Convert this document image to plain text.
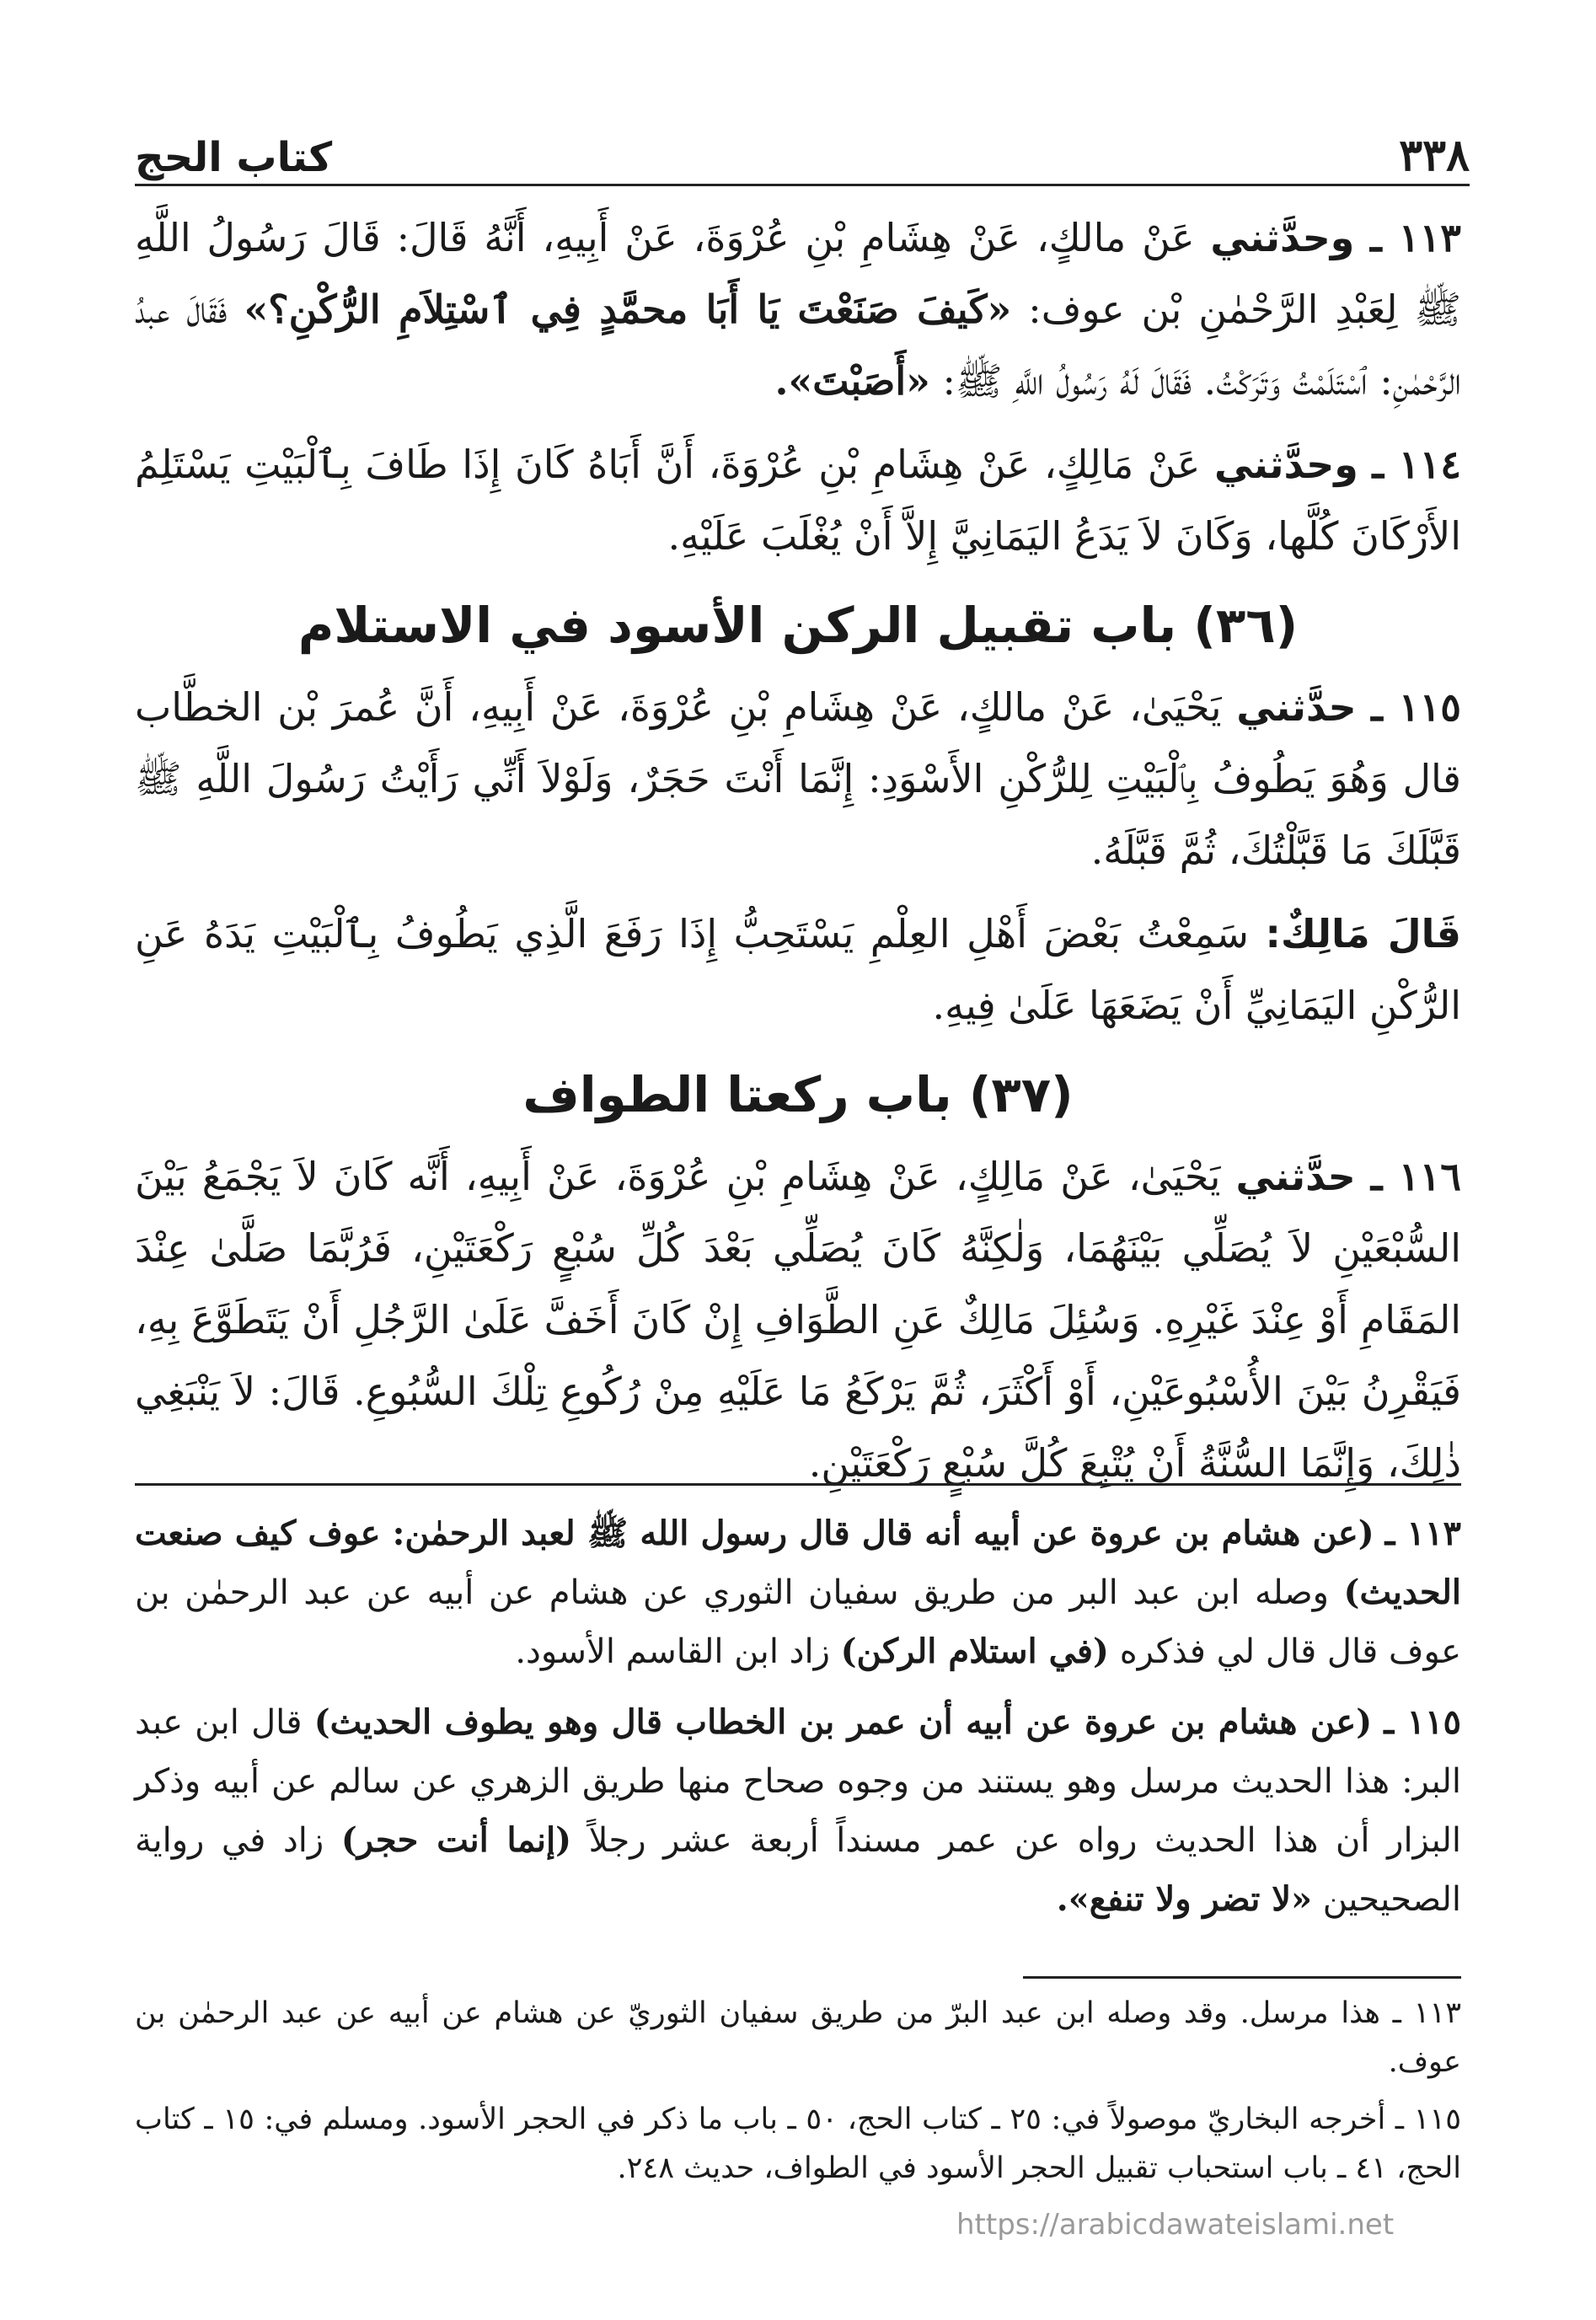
٣٣٨
كتاب الحج

١١٣ ـ وحدَّثني عَنْ مالكٍ، عَنْ هِشَامِ بْنِ عُرْوَةَ، عَنْ أَبِيهِ، أَنَّهُ قَالَ: قَالَ رَسُولُ اللَّهِ ﷺ لِعَبْدِ الرَّحْمٰنِ بْن عوف: «كَيفَ صَنَعْتَ يَا أَبَا محمَّدٍ فِي ٱسْتِلاَمِ الرُّكْنِ؟» فَقَالَ عبدُ الرَّحْمٰنِ: ٱسْتَلَمْتُ وَتَرَكْتُ. فَقَالَ لَهُ رَسُولُ اللَّهِ ﷺ: «أَصَبْتَ».

١١٤ ـ وحدَّثني عَنْ مَالِكٍ، عَنْ هِشَامِ بْنِ عُرْوَةَ، أَنَّ أَبَاهُ كَانَ إِذَا طَافَ بِٱلْبَيْتِ يَسْتَلِمُ الأَرْكَانَ كُلَّها، وَكَانَ لاَ يَدَعُ اليَمَانِيَّ إِلاَّ أَنْ يُغْلَبَ عَلَيْهِ.

(٣٦) باب تقبيل الركن الأسود في الاستلام

١١٥ ـ حدَّثني يَحْيَىٰ، عَنْ مالكٍ، عَنْ هِشَامِ بْنِ عُرْوَةَ، عَنْ أَبِيهِ، أَنَّ عُمرَ بْن الخطَّاب قال وَهُوَ يَطُوفُ بِٱلْبَيْتِ لِلرُّكْنِ الأَسْوَدِ: إِنَّمَا أَنْتَ حَجَرٌ، وَلَوْلاَ أَنِّي رَأَيْتُ رَسُولَ اللَّهِ ﷺ قَبَّلَكَ مَا قَبَّلْتُكَ، ثُمَّ قَبَّلَهُ.

قَالَ مَالِكٌ: سَمِعْتُ بَعْضَ أَهْلِ العِلْمِ يَسْتَحِبُّ إِذَا رَفَعَ الَّذِي يَطُوفُ بِٱلْبَيْتِ يَدَهُ عَنِ الرُّكْنِ اليَمَانِيِّ أَنْ يَضَعَهَا عَلَىٰ فِيهِ.

(٣٧) باب ركعتا الطواف

١١٦ ـ حدَّثني يَحْيَىٰ، عَنْ مَالِكٍ، عَنْ هِشَامِ بْنِ عُرْوَةَ، عَنْ أَبِيهِ، أَنَّه كَانَ لاَ يَجْمَعُ بَيْنَ السُّبْعَيْنِ لاَ يُصَلِّي بَيْنَهُمَا، وَلٰكِنَّهُ كَانَ يُصَلِّي بَعْدَ كُلِّ سُبْعٍ رَكْعَتَيْنِ، فَرُبَّمَا صَلَّىٰ عِنْدَ المَقَامِ أَوْ عِنْدَ غَيْرِهِ. وَسُئِلَ مَالِكٌ عَنِ الطَّوَافِ إِنْ كَانَ أَخَفَّ عَلَىٰ الرَّجُلِ أَنْ يَتَطَوَّعَ بِهِ، فَيَقْرِنُ بَيْنَ الأُسْبُوعَيْنِ، أَوْ أَكْثَرَ، ثُمَّ يَرْكَعُ مَا عَلَيْهِ مِنْ رُكُوعِ تِلْكَ السُّبُوعِ. قَالَ: لاَ يَنْبَغِي ذٰلِكَ، وَإِنَّمَا السُّنَّةُ أَنْ يُتْبِعَ كُلَّ سُبْعٍ رَكْعَتَيْنِ.

١١٣ ـ (عن هشام بن عروة عن أبيه أنه قال قال رسول الله ﷺ لعبد الرحمٰن: عوف كيف صنعت الحديث) وصله ابن عبد البر من طريق سفيان الثوري عن هشام عن أبيه عن عبد الرحمٰن بن عوف قال قال لي فذكره (في استلام الركن) زاد ابن القاسم الأسود.

١١٥ ـ (عن هشام بن عروة عن أبيه أن عمر بن الخطاب قال وهو يطوف الحديث) قال ابن عبد البر: هذا الحديث مرسل وهو يستند من وجوه صحاح منها طريق الزهري عن سالم عن أبيه وذكر البزار أن هذا الحديث رواه عن عمر مسنداً أربعة عشر رجلاً (إنما أنت حجر) زاد في رواية الصحيحين «لا تضر ولا تنفع».

١١٣ ـ هذا مرسل. وقد وصله ابن عبد البرّ من طريق سفيان الثوريّ عن هشام عن أبيه عن عبد الرحمٰن بن عوف.

١١٥ ـ أخرجه البخاريّ موصولاً في: ٢٥ ـ كتاب الحج، ٥٠ ـ باب ما ذكر في الحجر الأسود. ومسلم في: ١٥ ـ كتاب الحج، ٤١ ـ باب استحباب تقبيل الحجر الأسود في الطواف، حديث ٢٤٨.

https://arabicdawateislami.net
